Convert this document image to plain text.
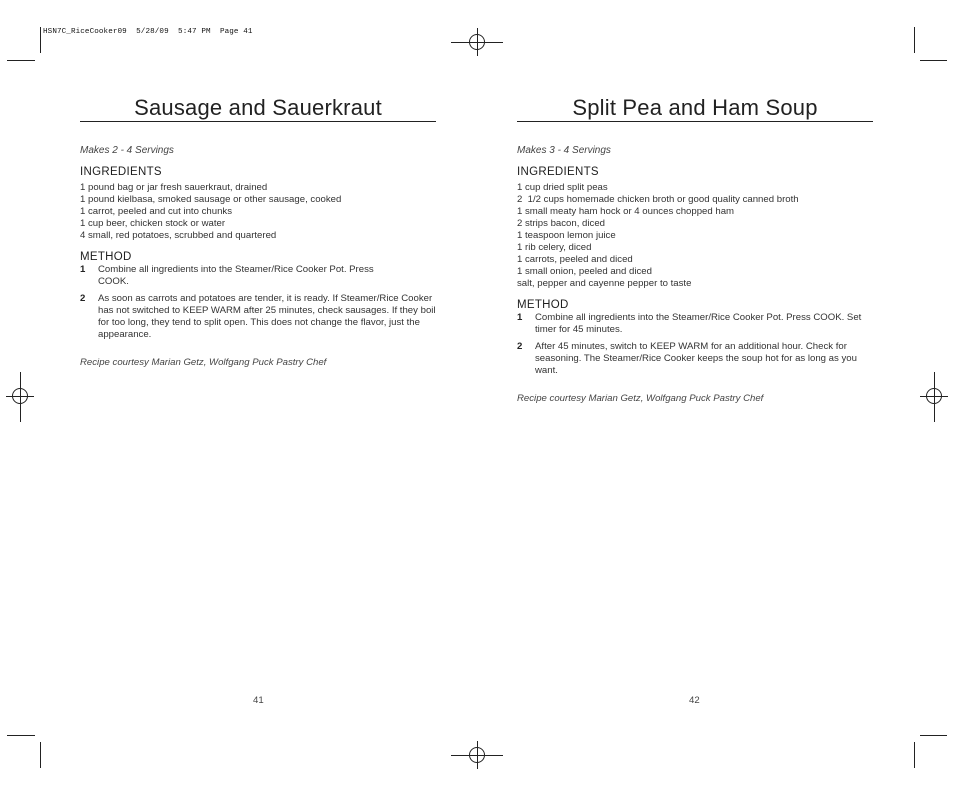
HSN7C_RiceCooker09  5/28/09  5:47 PM  Page 41
Sausage and Sauerkraut
Makes 2 - 4 Servings
INGREDIENTS
1 pound bag or jar fresh sauerkraut, drained
1 pound kielbasa, smoked sausage or other sausage, cooked
1 carrot, peeled and cut into chunks
1 cup beer, chicken stock or water
4 small, red potatoes, scrubbed and quartered
METHOD
1	Combine all ingredients into the Steamer/Rice Cooker Pot. Press COOK.
2	As soon as carrots and potatoes are tender, it is ready. If Steamer/Rice Cooker has not switched to KEEP WARM after 25 minutes, check sausages. If they boil for too long, they tend to split open. This does not change the flavor, just the appearance.
Recipe courtesy Marian Getz, Wolfgang Puck Pastry Chef
41
Split Pea and Ham Soup
Makes 3 - 4 Servings
INGREDIENTS
1 cup dried split peas
2  1/2 cups homemade chicken broth or good quality canned broth
1 small meaty ham hock or 4 ounces chopped ham
2 strips bacon, diced
1 teaspoon lemon juice
1 rib celery, diced
1 carrots, peeled and diced
1 small onion, peeled and diced
salt, pepper and cayenne pepper to taste
METHOD
1	Combine all ingredients into the Steamer/Rice Cooker Pot. Press COOK. Set timer for 45 minutes.
2	After 45 minutes, switch to KEEP WARM for an additional hour. Check for seasoning. The Steamer/Rice Cooker keeps the soup hot for as long as you want.
Recipe courtesy Marian Getz, Wolfgang Puck Pastry Chef
42
